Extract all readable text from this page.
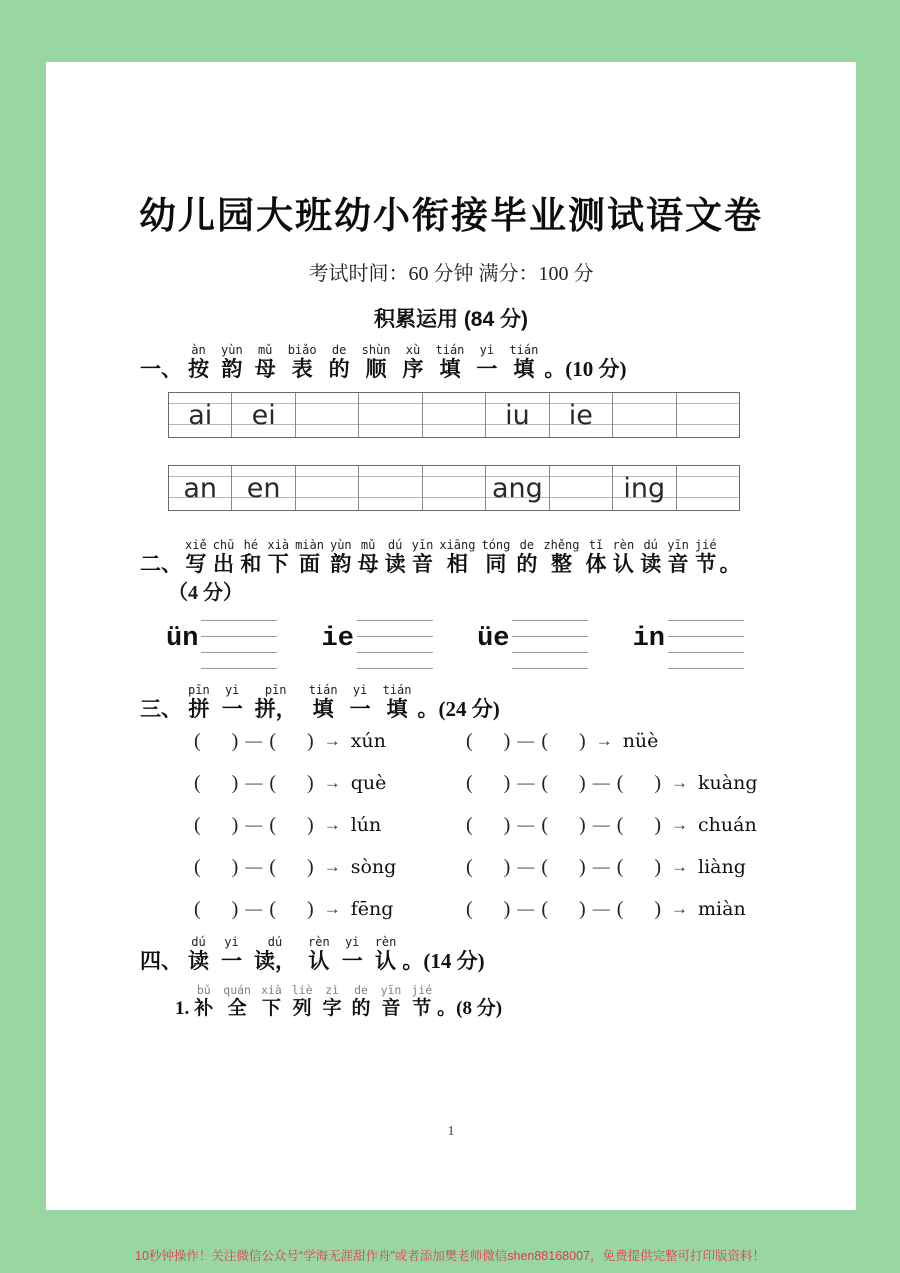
幼儿园大班幼小衔接毕业测试语文卷
考试时间：60 分钟 满分：100 分
积累运用 (84 分)
一、
àn
按
yùn
韵
mǔ
母
biǎo
表
de
的
shùn
顺
xù
序
tián
填
yi
一
tián
填 。(10 分)
ai	ei	iu	ie
an	en	ang	ing
二、
xiě
写
chū
出
hé
和
xià
下
miàn
面
yùn
韵
mǔ
母
dú
读
yīn
音
xiāng
相
tóng
同
de
的
zhěng
整
tǐ
体
rèn
认
dú
读
yīn
音
jié
节 。
（4 分）
ün	ie	üe	in
三、
pīn
拼
yi
一
pīn
拼，
tián
填
yi
一
tián
填 。(24 分)
( ) — ( ) → xún	( ) — ( ) → nüè
( ) — ( ) → què	( ) — ( ) — ( ) → kuàng
( ) — ( ) → lún	( ) — ( ) — ( ) → chuán
( ) — ( ) → sòng	( ) — ( ) — ( ) → liàng
( ) — ( ) → fēng	( ) — ( ) — ( ) → miàn
四、
dú
读
yi
一
dú
读，
rèn
认
yi
一
rèn
认 。(14 分)
1.
bǔ
补
quán
全
xià
下
liè
列
zì
字
de
的
yīn
音
jié
节 。(8 分)
1
10秒钟操作！关注微信公众号“学海无涯甜作舟”或者添加樊老师微信shen88168007，免费提供完整可打印版资料！
